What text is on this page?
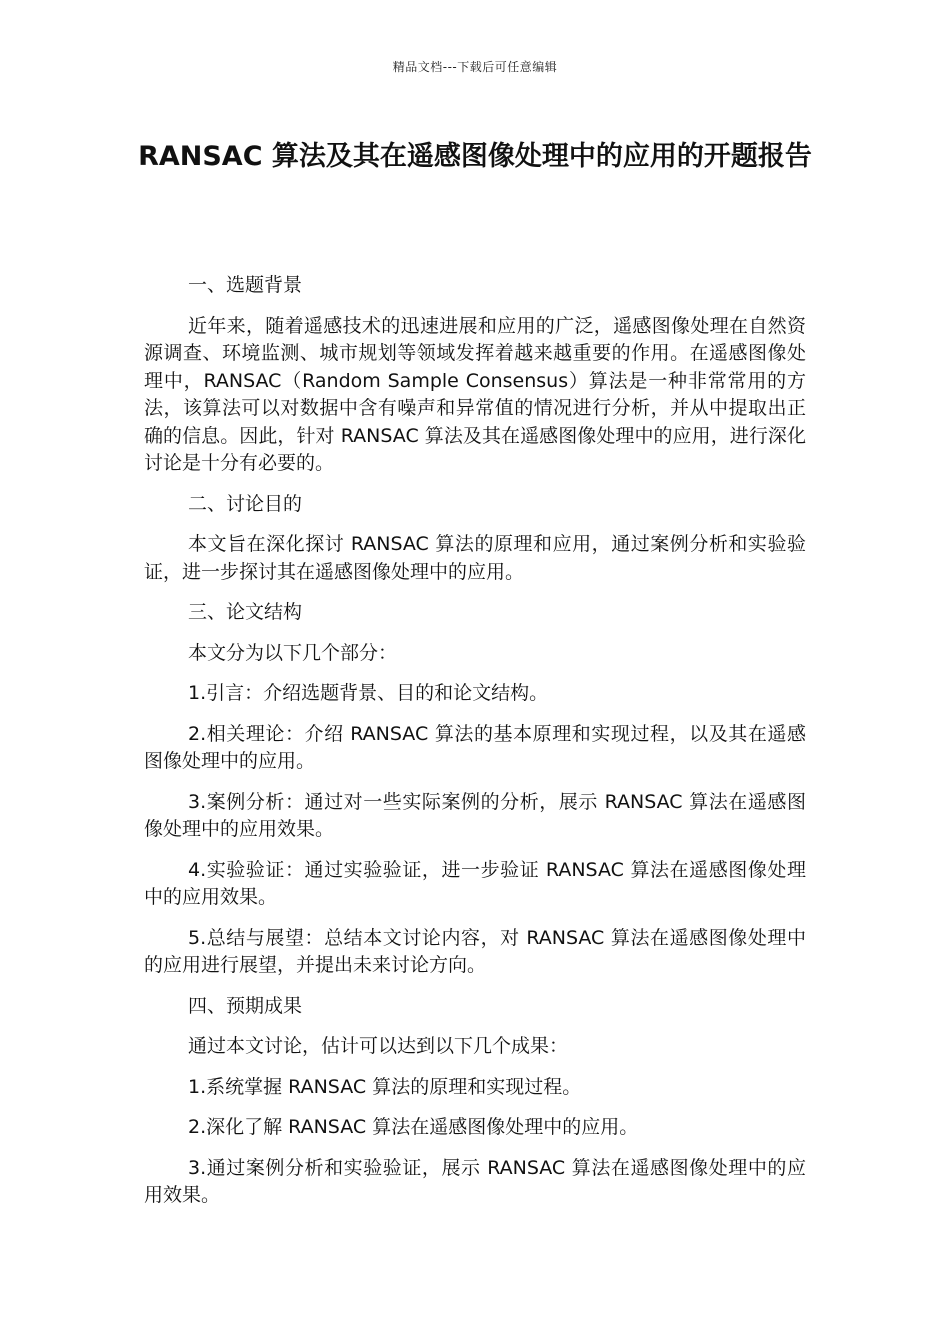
精品文档---下载后可任意编辑
RANSAC 算法及其在遥感图像处理中的应用的开题报告

一、选题背景

近年来，随着遥感技术的迅速进展和应用的广泛，遥感图像处理在自然资源调查、环境监测、城市规划等领域发挥着越来越重要的作用。在遥感图像处理中，RANSAC（Random Sample Consensus）算法是一种非常常用的方法，该算法可以对数据中含有噪声和异常值的情况进行分析，并从中提取出正确的信息。因此，针对 RANSAC 算法及其在遥感图像处理中的应用，进行深化讨论是十分有必要的。

二、讨论目的

本文旨在深化探讨 RANSAC 算法的原理和应用，通过案例分析和实验验证，进一步探讨其在遥感图像处理中的应用。

三、论文结构

本文分为以下几个部分：

1.引言：介绍选题背景、目的和论文结构。

2.相关理论：介绍 RANSAC 算法的基本原理和实现过程，以及其在遥感图像处理中的应用。

3.案例分析：通过对一些实际案例的分析，展示 RANSAC 算法在遥感图像处理中的应用效果。

4.实验验证：通过实验验证，进一步验证 RANSAC 算法在遥感图像处理中的应用效果。

5.总结与展望：总结本文讨论内容，对 RANSAC 算法在遥感图像处理中的应用进行展望，并提出未来讨论方向。

四、预期成果

通过本文讨论，估计可以达到以下几个成果：

1.系统掌握 RANSAC 算法的原理和实现过程。

2.深化了解 RANSAC 算法在遥感图像处理中的应用。

3.通过案例分析和实验验证，展示 RANSAC 算法在遥感图像处理中的应用效果。
